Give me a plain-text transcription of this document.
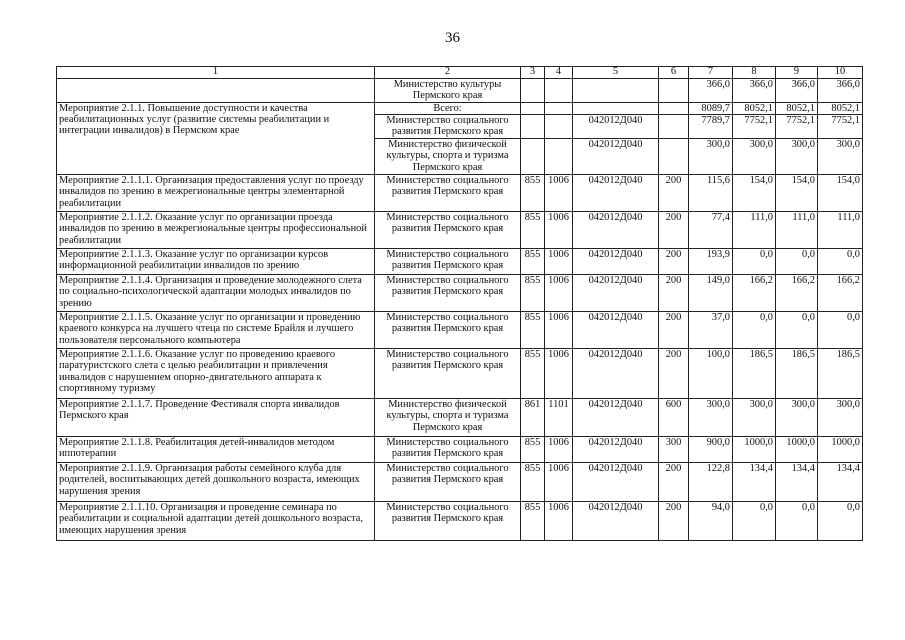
36
1	2	3	4	5	6	7	8	9	10
	Министерство культуры Пермского края					366,0	366,0	366,0	366,0
Мероприятие 2.1.1. Повышение доступности и качества реабилитационных услуг (развитие системы реабилитации и интеграции инвалидов) в Пермском крае	Всего:					8089,7	8052,1	8052,1	8052,1
	Министерство социального развития Пермского края			042012Д040		7789,7	7752,1	7752,1	7752,1
	Министерство физической культуры, спорта и туризма Пермского края			042012Д040		300,0	300,0	300,0	300,0
Мероприятие 2.1.1.1. Организация предоставления услуг по проезду инвалидов по зрению в межрегиональные центры элементарной реабилитации	Министерство социального развития Пермского края	855	1006	042012Д040	200	115,6	154,0	154,0	154,0
Мероприятие 2.1.1.2. Оказание услуг по организации проезда инвалидов по зрению в межрегиональные центры профессиональной реабилитации	Министерство социального развития Пермского края	855	1006	042012Д040	200	77,4	111,0	111,0	111,0
Мероприятие 2.1.1.3. Оказание услуг по организации курсов информационной реабилитации инвалидов по зрению	Министерство социального развития Пермского края	855	1006	042012Д040	200	193,9	0,0	0,0	0,0
Мероприятие 2.1.1.4. Организация и проведение молодежного слета по социально-психологической адаптации молодых инвалидов по зрению	Министерство социального развития Пермского края	855	1006	042012Д040	200	149,0	166,2	166,2	166,2
Мероприятие 2.1.1.5. Оказание услуг по организации и проведению краевого конкурса на лучшего чтеца по системе Брайля и лучшего пользователя персонального компьютера	Министерство социального развития Пермского края	855	1006	042012Д040	200	37,0	0,0	0,0	0,0
Мероприятие 2.1.1.6. Оказание услуг по проведению краевого паратуристского слета с целью реабилитации и привлечения инвалидов с нарушением опорно-двигательного аппарата к спортивному туризму	Министерство социального развития Пермского края	855	1006	042012Д040	200	100,0	186,5	186,5	186,5
Мероприятие 2.1.1.7. Проведение Фестиваля спорта инвалидов Пермского края	Министерство физической культуры, спорта и туризма Пермского края	861	1101	042012Д040	600	300,0	300,0	300,0	300,0
Мероприятие 2.1.1.8. Реабилитация детей-инвалидов методом иппотерапии	Министерство социального развития Пермского края	855	1006	042012Д040	300	900,0	1000,0	1000,0	1000,0
Мероприятие 2.1.1.9. Организация работы семейного клуба для родителей, воспитывающих детей дошкольного возраста, имеющих нарушения зрения	Министерство социального развития Пермского края	855	1006	042012Д040	200	122,8	134,4	134,4	134,4
Мероприятие 2.1.1.10. Организация и проведение семинара по реабилитации и социальной адаптации детей дошкольного возраста, имеющих нарушения зрения	Министерство социального развития Пермского края	855	1006	042012Д040	200	94,0	0,0	0,0	0,0
